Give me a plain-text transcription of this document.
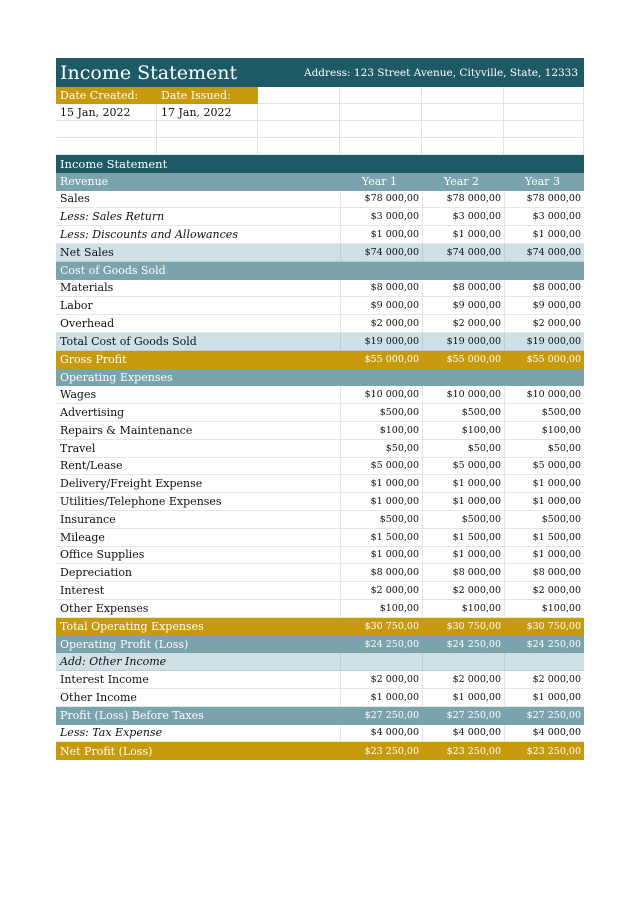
Income Statement	Address: 123 Street Avenue, Cityville, State, 12333
Date Created:	Date Issued:
15 Jan, 2022	17 Jan, 2022
Income Statement
Revenue	Year 1	Year 2	Year 3
Sales	$78 000,00	$78 000,00	$78 000,00
Less: Sales Return	$3 000,00	$3 000,00	$3 000,00
Less: Discounts and Allowances	$1 000,00	$1 000,00	$1 000,00
Net Sales	$74 000,00	$74 000,00	$74 000,00
Cost of Goods Sold
Materials	$8 000,00	$8 000,00	$8 000,00
Labor	$9 000,00	$9 000,00	$9 000,00
Overhead	$2 000,00	$2 000,00	$2 000,00
Total Cost of Goods Sold	$19 000,00	$19 000,00	$19 000,00
Gross Profit	$55 000,00	$55 000,00	$55 000,00
Operating Expenses
Wages	$10 000,00	$10 000,00	$10 000,00
Advertising	$500,00	$500,00	$500,00
Repairs & Maintenance	$100,00	$100,00	$100,00
Travel	$50,00	$50,00	$50,00
Rent/Lease	$5 000,00	$5 000,00	$5 000,00
Delivery/Freight Expense	$1 000,00	$1 000,00	$1 000,00
Utilities/Telephone Expenses	$1 000,00	$1 000,00	$1 000,00
Insurance	$500,00	$500,00	$500,00
Mileage	$1 500,00	$1 500,00	$1 500,00
Office Supplies	$1 000,00	$1 000,00	$1 000,00
Depreciation	$8 000,00	$8 000,00	$8 000,00
Interest	$2 000,00	$2 000,00	$2 000,00
Other Expenses	$100,00	$100,00	$100,00
Total Operating Expenses	$30 750,00	$30 750,00	$30 750,00
Operating Profit (Loss)	$24 250,00	$24 250,00	$24 250,00
Add: Other Income
Interest Income	$2 000,00	$2 000,00	$2 000,00
Other Income	$1 000,00	$1 000,00	$1 000,00
Profit (Loss) Before Taxes	$27 250,00	$27 250,00	$27 250,00
Less: Tax Expense	$4 000,00	$4 000,00	$4 000,00
Net Profit (Loss)	$23 250,00	$23 250,00	$23 250,00
